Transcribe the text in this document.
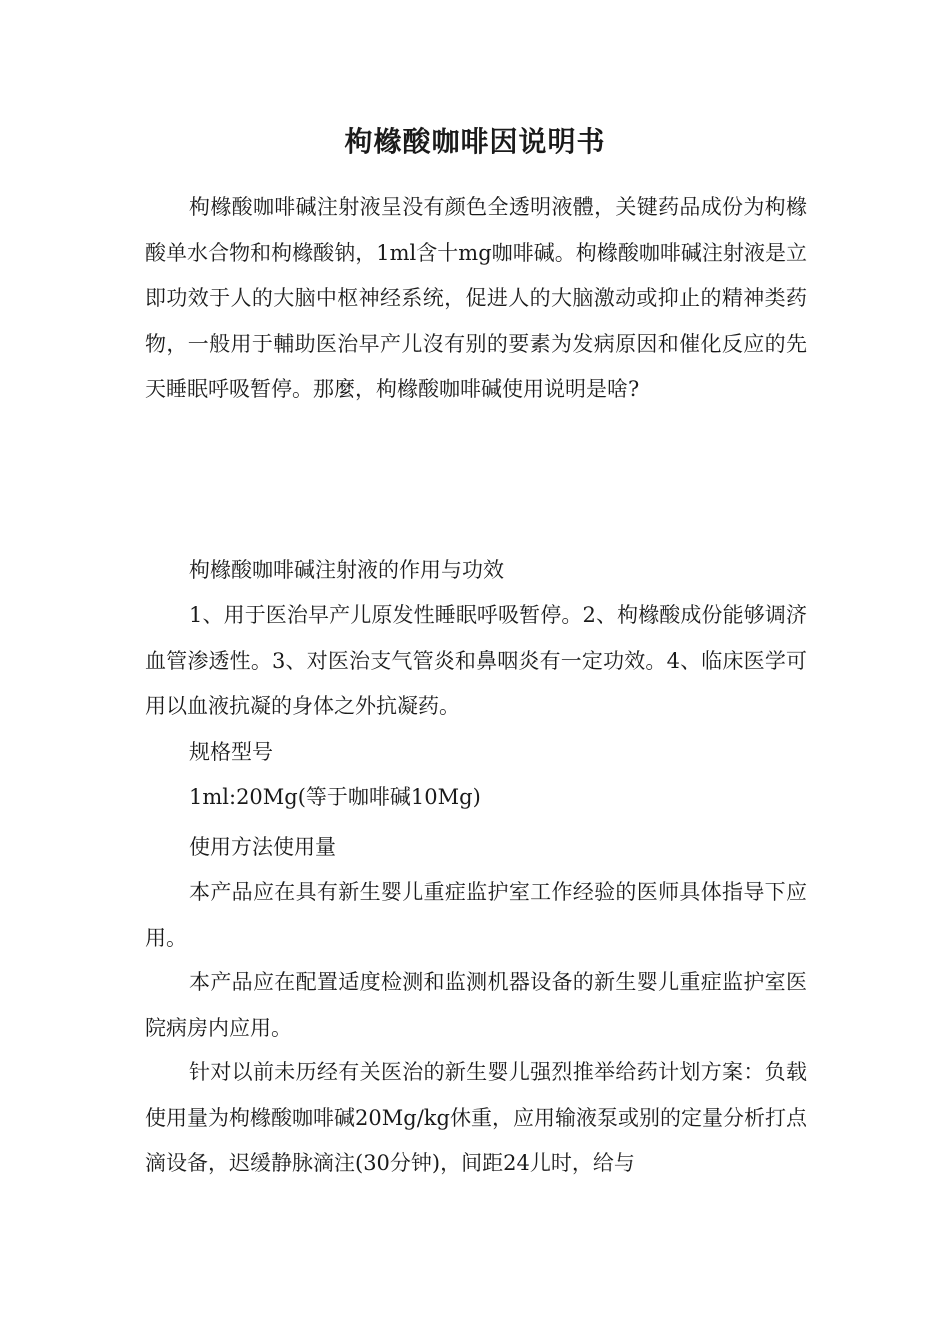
枸橼酸咖啡因说明书

枸橼酸咖啡碱注射液呈没有颜色全透明液體，关键药品成份为枸橼酸单水合物和枸橼酸钠，1ml含十mg咖啡碱。枸橼酸咖啡碱注射液是立即功效于人的大脑中枢神经系统，促进人的大脑激动或抑止的精神类药物，一般用于輔助医治早产儿沒有别的要素为发病原因和催化反应的先天睡眠呼吸暂停。那麼，枸橼酸咖啡碱使用说明是啥?

枸橼酸咖啡碱注射液的作用与功效

1、用于医治早产儿原发性睡眠呼吸暂停。2、枸橼酸成份能够调济血管渗透性。3、对医治支气管炎和鼻咽炎有一定功效。4、临床医学可用以血液抗凝的身体之外抗凝药。

规格型号

1ml:20Mg(等于咖啡碱10Mg)

使用方法使用量

本产品应在具有新生婴儿重症监护室工作经验的医师具体指导下应用。

本产品应在配置适度检测和监测机器设备的新生婴儿重症监护室医院病房内应用。

针对以前未历经有关医治的新生婴儿强烈推举给药计划方案：负载使用量为枸橼酸咖啡碱20Mg/kg休重，应用输液泵或别的定量分析打点滴设备，迟缓静脉滴注(30分钟)，间距24儿时，给与
